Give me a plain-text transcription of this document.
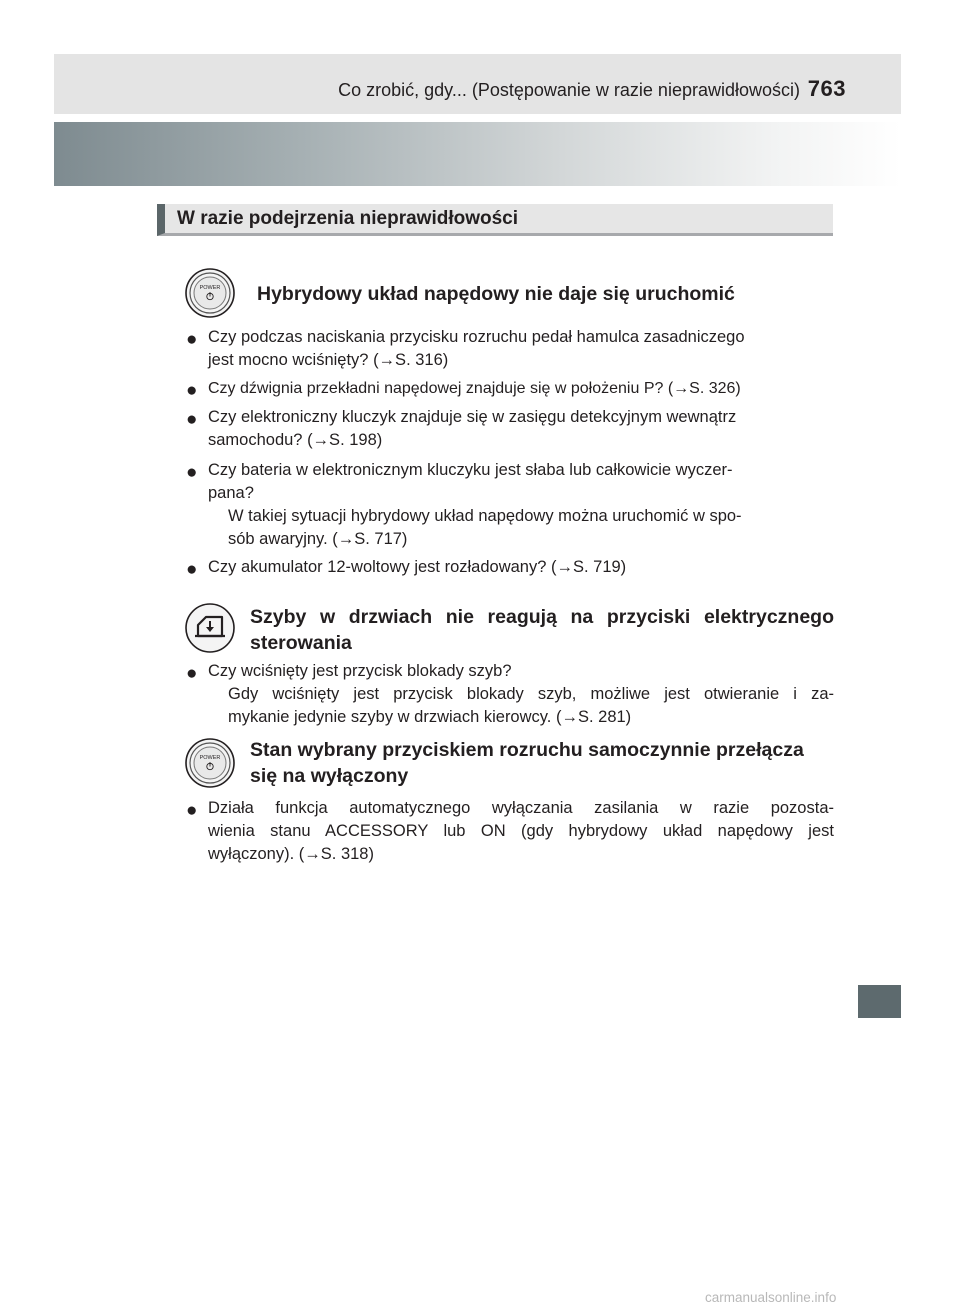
Co zrobić, gdy... (Postępowanie w razie nieprawidłowości) 763
W razie podejrzenia nieprawidłowości
POWER Hybrydowy układ napędowy nie daje się uruchomić
● Czy podczas naciskania przycisku rozruchu pedał hamulca zasadniczego
jest mocno wciśnięty? (→S. 316)
● Czy dźwignia przekładni napędowej znajduje się w położeniu P? (→S. 326)
● Czy elektroniczny kluczyk znajduje się w zasięgu detekcyjnym wewnątrz
samochodu? (→S. 198)
● Czy bateria w elektronicznym kluczyku jest słaba lub całkowicie wyczer-
pana?
W takiej sytuacji hybrydowy układ napędowy można uruchomić w spo-
sób awaryjny. (→S. 717)
● Czy akumulator 12-woltowy jest rozładowany? (→S. 719)
Szyby w drzwiach nie reagują na przyciski elektrycznego
sterowania
● Czy wciśnięty jest przycisk blokady szyb?
Gdy wciśnięty jest przycisk blokady szyb, możliwe jest otwieranie i za-
mykanie jedynie szyby w drzwiach kierowcy. (→S. 281)
POWER Stan wybrany przyciskiem rozruchu samoczynnie przełącza
się na wyłączony
● Działa funkcja automatycznego wyłączania zasilania w razie pozosta-
wienia stanu ACCESSORY lub ON (gdy hybrydowy układ napędowy jest
wyłączony). (→S. 318)
carmanualsonline.info
